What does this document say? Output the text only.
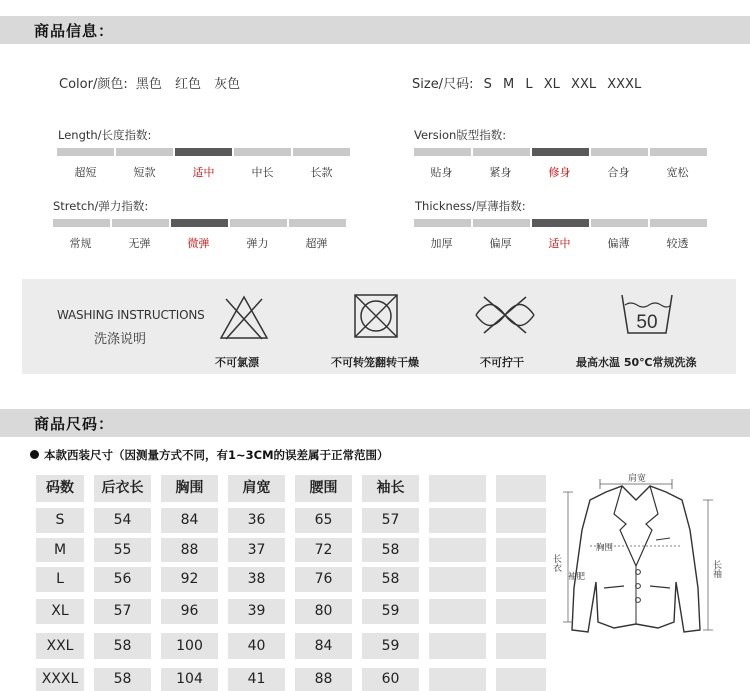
商品信息：
Color/颜色: 黑色 红色 灰色	Size/尺码: S M L XL XXL XXXL
Length/长度指数:
超短	短款	适中	中长	长款
Version版型指数:
贴身	紧身	修身	合身	宽松
Stretch/弹力指数:
常规	无弹	微弹	弹力	超弹
Thickness/厚薄指数:
加厚	偏厚	适中	偏薄	较透
WASHING INSTRUCTIONS
洗涤说明
不可氯漂	不可转笼翻转干燥	不可拧干
50
最高水温 50℃常规洗涤
商品尺码：
本款西装尺寸（因测量方式不同，有1~3CM的误差属于正常范围）
码数	后衣长	胸围	肩宽	腰围	袖长
S	54	84	36	65	57
M	55	88	37	72	58
L	56	92	38	76	58
XL	57	96	39	80	59
XXL	58	100	40	84	59
XXXL	58	104	41	88	60
肩宽
胸围
袖肥
长衣	长袖
